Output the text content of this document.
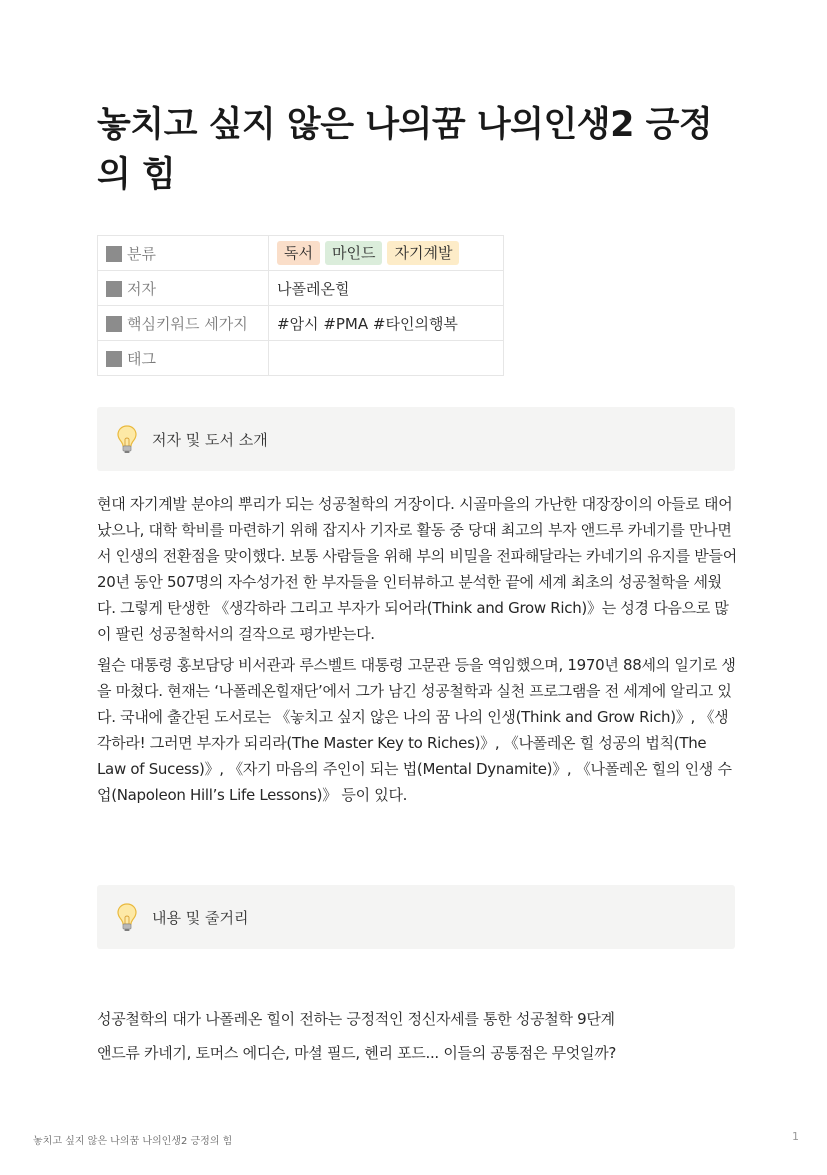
놓치고 싶지 않은 나의꿈 나의인생2 긍정의 힘
분류	독서 마인드 자기계발
저자	나폴레온힐
핵심키워드 세가지	#암시 #PMA #타인의행복
태그	
저자 및 도서 소개

현대 자기계발 분야의 뿌리가 되는 성공철학의 거장이다. 시골마을의 가난한 대장장이의 아들로 태어났으나, 대학 학비를 마련하기 위해 잡지사 기자로 활동 중 당대 최고의 부자 앤드루 카네기를 만나면서 인생의 전환점을 맞이했다. 보통 사람들을 위해 부의 비밀을 전파해달라는 카네기의 유지를 받들어 20년 동안 507명의 자수성가전 한 부자들을 인터뷰하고 분석한 끝에 세계 최초의 성공철학을 세웠다. 그렇게 탄생한 《생각하라 그리고 부자가 되어라(Think and Grow Rich)》는 성경 다음으로 많이 팔린 성공철학서의 걸작으로 평가받는다.

윌슨 대통령 홍보담당 비서관과 루스벨트 대통령 고문관 등을 역임했으며, 1970년 88세의 일기로 생을 마쳤다. 현재는 ‘나폴레온힐재단’에서 그가 남긴 성공철학과 실천 프로그램을 전 세계에 알리고 있다. 국내에 출간된 도서로는 《놓치고 싶지 않은 나의 꿈 나의 인생(Think and Grow Rich)》, 《생각하라! 그러면 부자가 되리라(The Master Key to Riches)》, 《나폴레온 힐 성공의 법칙(The Law of Sucess)》, 《자기 마음의 주인이 되는 법(Mental Dynamite)》, 《나폴레온 힐의 인생 수업(Napoleon Hill’s Life Lessons)》 등이 있다.

내용 및 줄거리

성공철학의 대가 나폴레온 힐이 전하는 긍정적인 정신자세를 통한 성공철학 9단계

앤드류 카네기, 토머스 에디슨, 마셜 필드, 헨리 포드... 이들의 공통점은 무엇일까?

놓치고 싶지 않은 나의꿈 나의인생2 긍정의 힘	1
